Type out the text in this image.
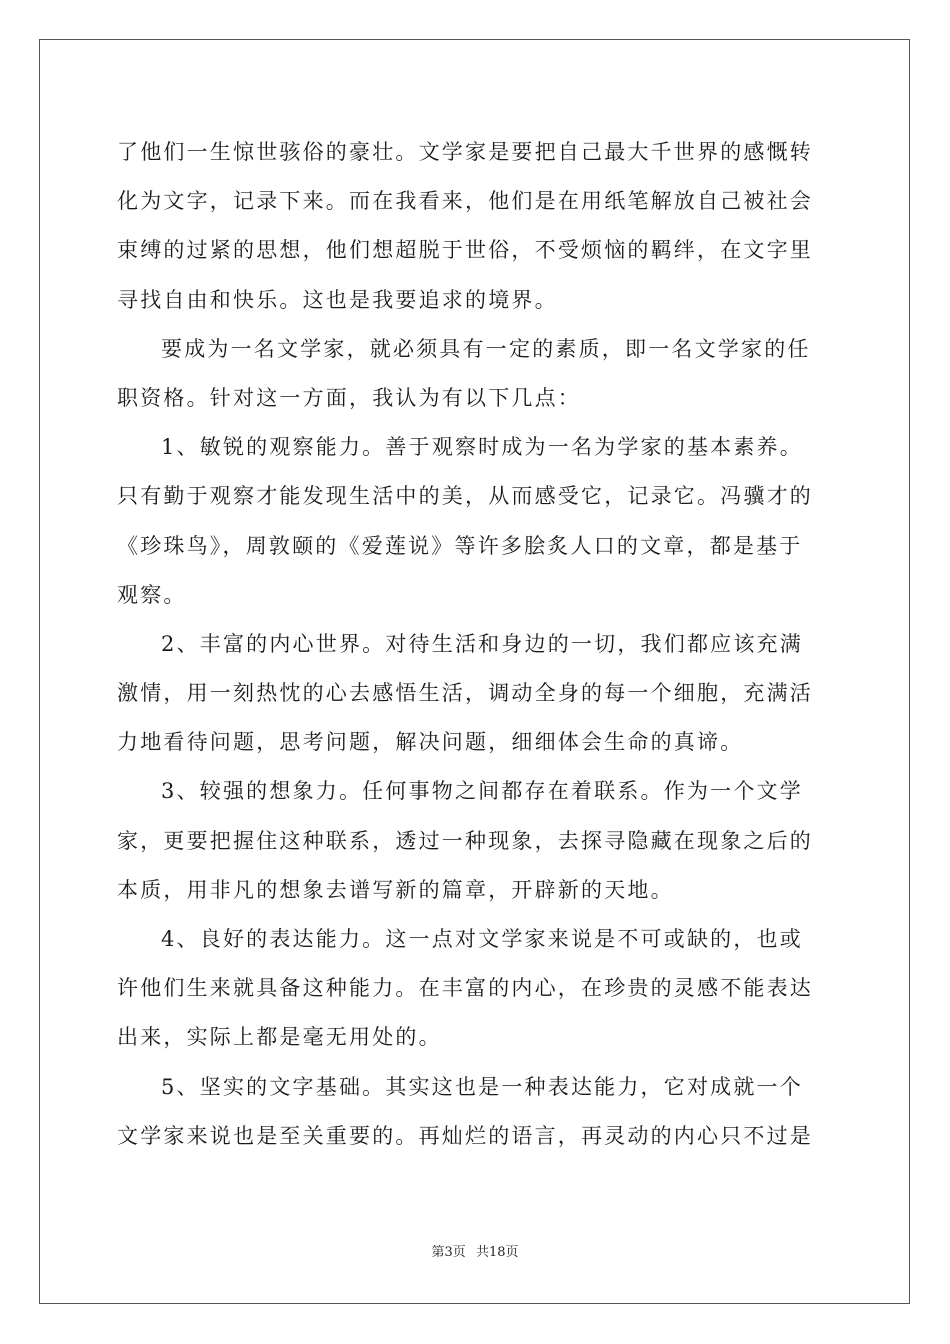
了他们一生惊世骇俗的豪壮。文学家是要把自己最大千世界的感慨转
化为文字，记录下来。而在我看来，他们是在用纸笔解放自己被社会
束缚的过紧的思想，他们想超脱于世俗，不受烦恼的羁绊，在文字里
寻找自由和快乐。这也是我要追求的境界。
要成为一名文学家，就必须具有一定的素质，即一名文学家的任
职资格。针对这一方面，我认为有以下几点：
1、敏锐的观察能力。善于观察时成为一名为学家的基本素养。
只有勤于观察才能发现生活中的美，从而感受它，记录它。冯骥才的
《珍珠鸟》，周敦颐的《爱莲说》等许多脍炙人口的文章，都是基于
观察。
2、丰富的内心世界。对待生活和身边的一切，我们都应该充满
激情，用一刻热忱的心去感悟生活，调动全身的每一个细胞，充满活
力地看待问题，思考问题，解决问题，细细体会生命的真谛。
3、较强的想象力。任何事物之间都存在着联系。作为一个文学
家，更要把握住这种联系，透过一种现象，去探寻隐藏在现象之后的
本质，用非凡的想象去谱写新的篇章，开辟新的天地。
4、良好的表达能力。这一点对文学家来说是不可或缺的，也或
许他们生来就具备这种能力。在丰富的内心，在珍贵的灵感不能表达
出来，实际上都是毫无用处的。
5、坚实的文字基础。其实这也是一种表达能力，它对成就一个
文学家来说也是至关重要的。再灿烂的语言，再灵动的内心只不过是
第3页 共18页
